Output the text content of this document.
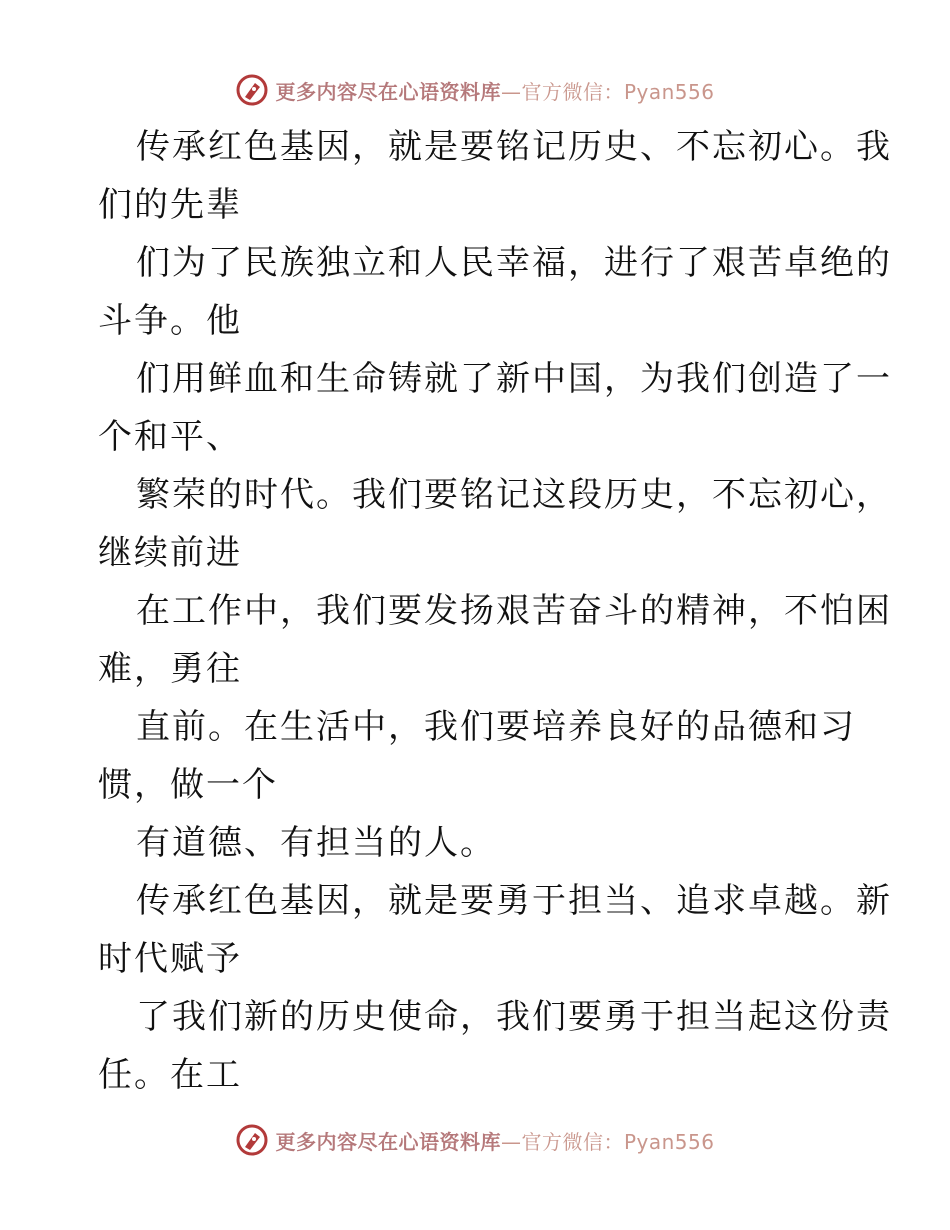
更多内容尽在心语资料库—官方微信：Pyan556
传承红色基因，就是要铭记历史、不忘初心。我
们的先辈
们为了民族独立和人民幸福，进行了艰苦卓绝的
斗争。他
们用鲜血和生命铸就了新中国，为我们创造了一
个和平、
繁荣的时代。我们要铭记这段历史，不忘初心，
继续前进
在工作中，我们要发扬艰苦奋斗的精神，不怕困
难，勇往
直前。在生活中，我们要培养良好的品德和习
惯，做一个
有道德、有担当的人。
传承红色基因，就是要勇于担当、追求卓越。新
时代赋予
了我们新的历史使命，我们要勇于担当起这份责
任。在工
更多内容尽在心语资料库—官方微信：Pyan556
